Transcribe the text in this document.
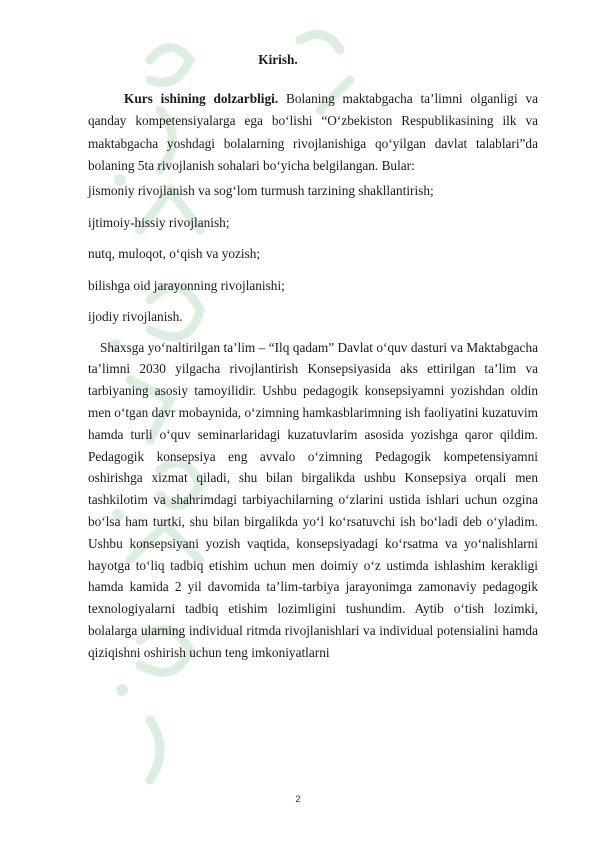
Kirish.

Kurs ishining dolzarbligi. Bolaning maktabgacha ta’limni olganligi va qanday kompetensiyalarga ega bo‘lishi “O‘zbekiston Respublikasining ilk va maktabgacha yoshdagi bolalarning rivojlanishiga qo‘yilgan davlat talablari”da bolaning 5ta rivojlanish sohalari bo‘yicha belgilangan. Bular:

jismoniy rivojlanish va sog‘lom turmush tarzining shakllantirish;
ijtimoiy-hissiy rivojlanish;
nutq, muloqot, o‘qish va yozish;
bilishga oid jarayonning rivojlanishi;
ijodiy rivojlanish.

Shaxsga yo‘naltirilgan ta’lim – “Ilq qadam” Davlat o‘quv dasturi va Maktabgacha ta’limni 2030 yilgacha rivojlantirish Konsepsiyasida aks ettirilgan ta’lim va tarbiyaning asosiy tamoyilidir. Ushbu pedagogik konsepsiyamni yozishdan oldin men o‘tgan davr mobaynida, o‘zimning hamkasblarimning ish faoliyatini kuzatuvim hamda turli o‘quv seminarlaridagi kuzatuvlarim asosida yozishga qaror qildim. Pedagogik konsepsiya eng avvalo o‘zimning Pedagogik kompetensiyamni oshirishga xizmat qiladi, shu bilan birgalikda ushbu Konsepsiya orqali men tashkilotim va shahrimdagi tarbiyachilarning o‘zlarini ustida ishlari uchun ozgina bo‘lsa ham turtki, shu bilan birgalikda yo‘l ko‘rsatuvchi ish bo‘ladi deb o‘yladim. Ushbu konsepsiyani yozish vaqtida, konsepsiyadagi ko‘rsatma va yo‘nalishlarni hayotga to‘liq tadbiq etishim uchun men doimiy o‘z ustimda ishlashim kerakligi hamda kamida 2 yil davomida ta’lim-tarbiya jarayonimga zamonaviy pedagogik texnologiyalarni tadbiq etishim lozimligini tushundim. Aytib o‘tish lozimki, bolalarga ularning individual ritmda rivojlanishlari va individual potensialini hamda qiziqishni oshirish uchun teng imkoniyatlarni

2
